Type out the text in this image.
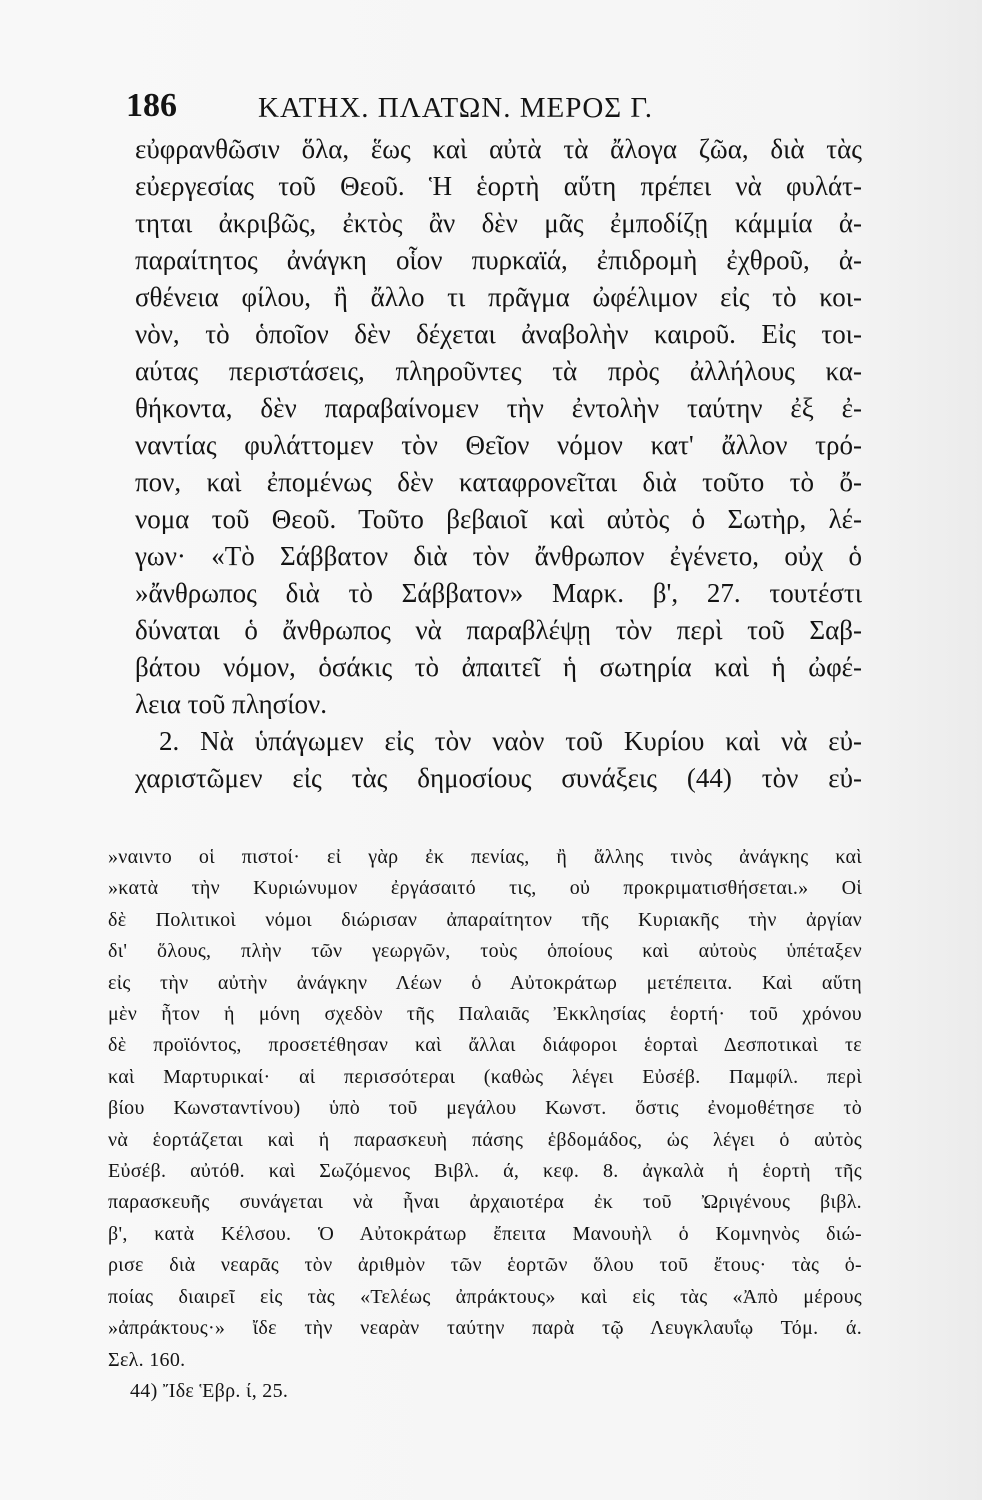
186	ΚΑΤΗΧ. ΠΛΑΤΩΝ. ΜΕΡΟΣ Γ.
εὐφρανθῶσιν ὅλα, ἕως καὶ αὐτὰ τὰ ἄλογα ζῶα, διὰ τὰς
εὐεργεσίας τοῦ Θεοῦ. Ἡ ἑορτὴ αὕτη πρέπει νὰ φυλάτ-
τηται ἀκριβῶς, ἐκτὸς ἂν δὲν μᾶς ἐμποδίζῃ κάμμία ἀ-
παραίτητος ἀνάγκη οἷον πυρκαϊά, ἐπιδρομὴ ἐχθροῦ, ἀ-
σθένεια φίλου, ἢ ἄλλο τι πρᾶγμα ὠφέλιμον εἰς τὸ κοι-
νὸν, τὸ ὁποῖον δὲν δέχεται ἀναβολὴν καιροῦ. Εἰς τοι-
αύτας περιστάσεις, πληροῦντες τὰ πρὸς ἀλλήλους κα-
θήκοντα, δὲν παραβαίνομεν τὴν ἐντολὴν ταύτην ἐξ ἐ-
ναντίας φυλάττομεν τὸν Θεῖον νόμον κατ' ἄλλον τρό-
πον, καὶ ἐπομένως δὲν καταφρονεῖται διὰ τοῦτο τὸ ὄ-
νομα τοῦ Θεοῦ. Τοῦτο βεβαιοῖ καὶ αὐτὸς ὁ Σωτὴρ, λέ-
γων· «Τὸ Σάββατον διὰ τὸν ἄνθρωπον ἐγένετο, οὐχ ὁ
»ἄνθρωπος διὰ τὸ Σάββατον» Μαρκ. β', 27. τουτέστι
δύναται ὁ ἄνθρωπος νὰ παραβλέψῃ τὸν περὶ τοῦ Σαβ-
βάτου νόμον, ὁσάκις τὸ ἀπαιτεῖ ἡ σωτηρία καὶ ἡ ὠφέ-
λεια τοῦ πλησίον.
2. Νὰ ὑπάγωμεν εἰς τὸν ναὸν τοῦ Κυρίου καὶ νὰ εὐ-
χαριστῶμεν εἰς τὰς δημοσίους συνάξεις (44) τὸν εὐ-
»ναιντο οἱ πιστοί· εἰ γὰρ ἐκ πενίας, ἢ ἄλλης τινὸς ἀνάγκης καὶ
»κατὰ τὴν Κυριώνυμον ἐργάσαιτό τις, οὐ προκριματισθήσεται.» Οἱ
δὲ Πολιτικοὶ νόμοι διώρισαν ἀπαραίτητον τῆς Κυριακῆς τὴν ἀργίαν
δι' ὅλους, πλὴν τῶν γεωργῶν, τοὺς ὁποίους καὶ αὐτοὺς ὑπέταξεν
εἰς τὴν αὐτὴν ἀνάγκην Λέων ὁ Αὐτοκράτωρ μετέπειτα. Καὶ αὕτη
μὲν ἦτον ἡ μόνη σχεδὸν τῆς Παλαιᾶς Ἐκκλησίας ἑορτή· τοῦ χρόνου
δὲ προϊόντος, προσετέθησαν καὶ ἄλλαι διάφοροι ἑορταὶ Δεσποτικαὶ τε
καὶ Μαρτυρικαί· αἱ περισσότεραι (καθὼς λέγει Εὐσέβ. Παμφίλ. περὶ
βίου Κωνσταντίνου) ὑπὸ τοῦ μεγάλου Κωνστ. ὅστις ἐνομοθέτησε τὸ
νὰ ἑορτάζεται καὶ ἡ παρασκευὴ πάσης ἑβδομάδος, ὡς λέγει ὁ αὐτὸς
Εὐσέβ. αὐτόθ. καὶ Σωζόμενος Βιβλ. ά, κεφ. 8. ἀγκαλὰ ἡ ἑορτὴ τῆς
παρασκευῆς συνάγεται νὰ ἦναι ἀρχαιοτέρα ἐκ τοῦ Ὠριγένους βιβλ.
β', κατὰ Κέλσου. Ὁ Αὐτοκράτωρ ἔπειτα Μανουὴλ ὁ Κομνηνὸς διώ-
ρισε διὰ νεαρᾶς τὸν ἀριθμὸν τῶν ἑορτῶν ὅλου τοῦ ἔτους· τὰς ὁ-
ποίας διαιρεῖ εἰς τὰς «Τελέως ἀπράκτους» καὶ εἰς τὰς «Ἀπὸ μέρους
»ἀπράκτους·» ἴδε τὴν νεαρὰν ταύτην παρὰ τῷ Λευγκλαυΐῳ Τόμ. ά.
Σελ. 160.
44) Ἴδε Ἑβρ. ί, 25.
